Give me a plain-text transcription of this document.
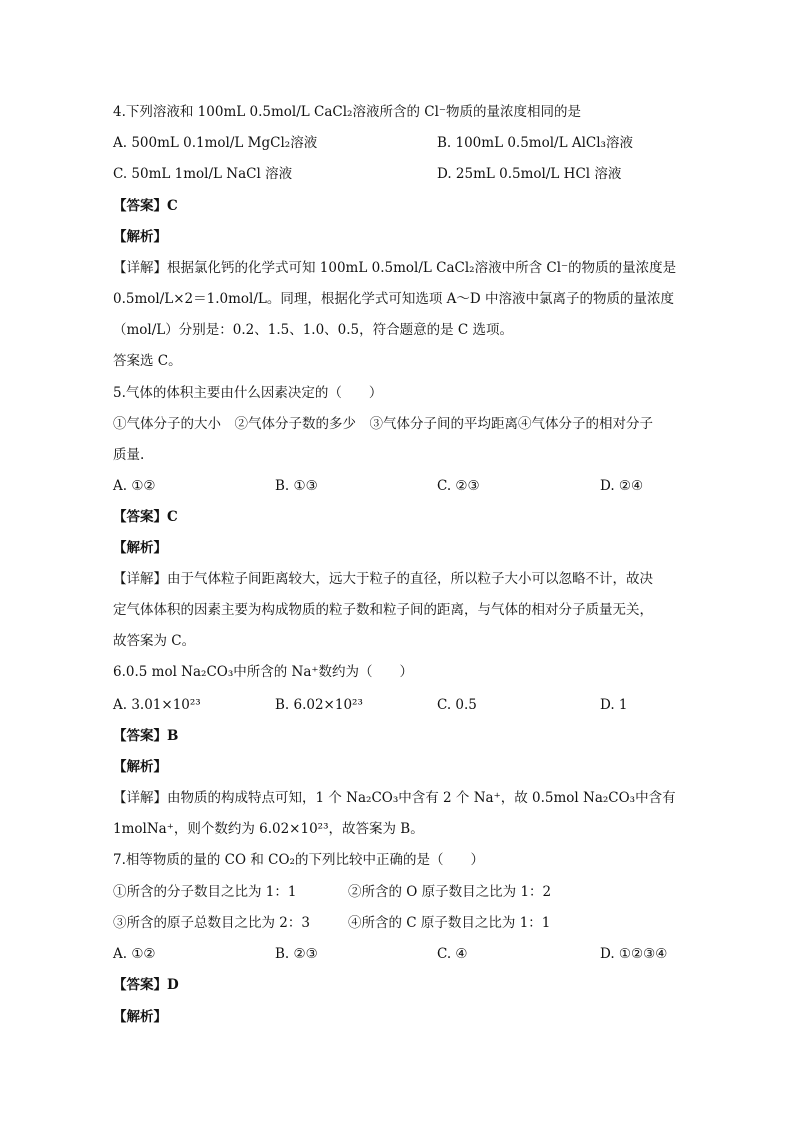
4.下列溶液和 100mL 0.5mol/L CaCl₂溶液所含的 Cl⁻物质的量浓度相同的是
A. 500mL 0.1mol/L MgCl₂溶液	B. 100mL 0.5mol/L AlCl₃溶液
C. 50mL 1mol/L NaCl 溶液	D. 25mL 0.5mol/L HCl 溶液
【答案】C
【解析】
【详解】根据氯化钙的化学式可知 100mL 0.5mol/L CaCl₂溶液中所含 Cl⁻的物质的量浓度是
0.5mol/L×2＝1.0mol/L。同理，根据化学式可知选项 A～D 中溶液中氯离子的物质的量浓度
（mol/L）分别是：0.2、1.5、1.0、0.5，符合题意的是 C 选项。
答案选 C。
5.气体的体积主要由什么因素决定的（　　）
①气体分子的大小　②气体分子数的多少　③气体分子间的平均距离④气体分子的相对分子
质量.
A. ①②	B. ①③	C. ②③	D. ②④
【答案】C
【解析】
【详解】由于气体粒子间距离较大，远大于粒子的直径，所以粒子大小可以忽略不计，故决
定气体体积的因素主要为构成物质的粒子数和粒子间的距离，与气体的相对分子质量无关，
故答案为 C。
6.0.5 mol Na₂CO₃中所含的 Na⁺数约为（　　）
A. 3.01×10²³	B. 6.02×10²³	C. 0.5	D. 1
【答案】B
【解析】
【详解】由物质的构成特点可知，1 个 Na₂CO₃中含有 2 个 Na⁺，故 0.5mol Na₂CO₃中含有
1molNa⁺，则个数约为 6.02×10²³，故答案为 B。
7.相等物质的量的 CO 和 CO₂的下列比较中正确的是（　　）
①所含的分子数目之比为 1：1	②所含的 O 原子数目之比为 1：2
③所含的原子总数目之比为 2：3	④所含的 C 原子数目之比为 1：1
A. ①②	B. ②③	C. ④	D. ①②③④
【答案】D
【解析】
